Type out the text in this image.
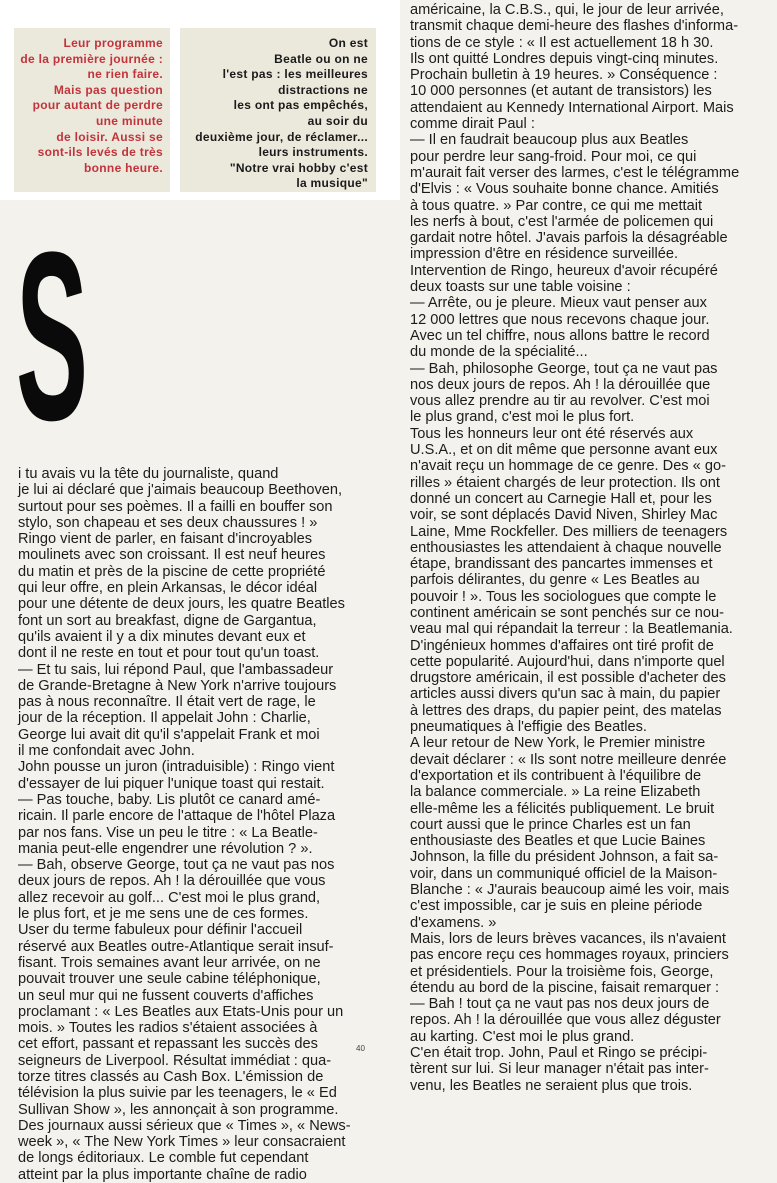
Leur programme
de la première journée :
ne rien faire.
Mais pas question
pour autant de perdre
une minute
de loisir. Aussi se
sont-ils levés de très
bonne heure.

On est
Beatle ou on ne
l'est pas : les meilleures
distractions ne
les ont pas empêchés,
au soir du
deuxième jour, de réclamer...
leurs instruments.
"Notre vrai hobby c'est
la musique"

S

i tu avais vu la tête du journaliste, quand
je lui ai déclaré que j'aimais beaucoup Beethoven,
surtout pour ses poèmes. Il a failli en bouffer son
stylo, son chapeau et ses deux chaussures ! »
Ringo vient de parler, en faisant d'incroyables
moulinets avec son croissant. Il est neuf heures
du matin et près de la piscine de cette propriété
qui leur offre, en plein Arkansas, le décor idéal
pour une détente de deux jours, les quatre Beatles
font un sort au breakfast, digne de Gargantua,
qu'ils avaient il y a dix minutes devant eux et
dont il ne reste en tout et pour tout qu'un toast.
— Et tu sais, lui répond Paul, que l'ambassadeur
de Grande-Bretagne à New York n'arrive toujours
pas à nous reconnaître. Il était vert de rage, le
jour de la réception. Il appelait John : Charlie,
George lui avait dit qu'il s'appelait Frank et moi
il me confondait avec John.
John pousse un juron (intraduisible) : Ringo vient
d'essayer de lui piquer l'unique toast qui restait.
— Pas touche, baby. Lis plutôt ce canard amé-
ricain. Il parle encore de l'attaque de l'hôtel Plaza
par nos fans. Vise un peu le titre : « La Beatle-
mania peut-elle engendrer une révolution ? ».
— Bah, observe George, tout ça ne vaut pas nos
deux jours de repos. Ah ! la dérouillée que vous
allez recevoir au golf... C'est moi le plus grand,
le plus fort, et je me sens une de ces formes.
User du terme fabuleux pour définir l'accueil
réservé aux Beatles outre-Atlantique serait insuf-
fisant. Trois semaines avant leur arrivée, on ne
pouvait trouver une seule cabine téléphonique,
un seul mur qui ne fussent couverts d'affiches
proclamant : « Les Beatles aux Etats-Unis pour un
mois. » Toutes les radios s'étaient associées à
cet effort, passant et repassant les succès des
seigneurs de Liverpool. Résultat immédiat : qua-
torze titres classés au Cash Box. L'émission de
télévision la plus suivie par les teenagers, le « Ed
Sullivan Show », les annonçait à son programme.
Des journaux aussi sérieux que « Times », « News-
week », « The New York Times » leur consacraient
de longs éditoriaux. Le comble fut cependant
atteint par la plus importante chaîne de radio

américaine, la C.B.S., qui, le jour de leur arrivée,
transmit chaque demi-heure des flashes d'informa-
tions de ce style : « Il est actuellement 18 h 30.
Ils ont quitté Londres depuis vingt-cinq minutes.
Prochain bulletin à 19 heures. » Conséquence :
10 000 personnes (et autant de transistors) les
attendaient au Kennedy International Airport. Mais
comme dirait Paul :
— Il en faudrait beaucoup plus aux Beatles
pour perdre leur sang-froid. Pour moi, ce qui
m'aurait fait verser des larmes, c'est le télégramme
d'Elvis : « Vous souhaite bonne chance. Amitiés
à tous quatre. » Par contre, ce qui me mettait
les nerfs à bout, c'est l'armée de policemen qui
gardait notre hôtel. J'avais parfois la désagréable
impression d'être en résidence surveillée.
Intervention de Ringo, heureux d'avoir récupéré
deux toasts sur une table voisine :
— Arrête, ou je pleure. Mieux vaut penser aux
12 000 lettres que nous recevons chaque jour.
Avec un tel chiffre, nous allons battre le record
du monde de la spécialité...
— Bah, philosophe George, tout ça ne vaut pas
nos deux jours de repos. Ah ! la dérouillée que
vous allez prendre au tir au revolver. C'est moi
le plus grand, c'est moi le plus fort.
Tous les honneurs leur ont été réservés aux
U.S.A., et on dit même que personne avant eux
n'avait reçu un hommage de ce genre. Des « go-
rilles » étaient chargés de leur protection. Ils ont
donné un concert au Carnegie Hall et, pour les
voir, se sont déplacés David Niven, Shirley Mac
Laine, Mme Rockfeller. Des milliers de teenagers
enthousiastes les attendaient à chaque nouvelle
étape, brandissant des pancartes immenses et
parfois délirantes, du genre « Les Beatles au
pouvoir ! ». Tous les sociologues que compte le
continent américain se sont penchés sur ce nou-
veau mal qui répandait la terreur : la Beatlemania.
D'ingénieux hommes d'affaires ont tiré profit de
cette popularité. Aujourd'hui, dans n'importe quel
drugstore américain, il est possible d'acheter des
articles aussi divers qu'un sac à main, du papier
à lettres des draps, du papier peint, des matelas
pneumatiques à l'effigie des Beatles.
A leur retour de New York, le Premier ministre
devait déclarer : « Ils sont notre meilleure denrée
d'exportation et ils contribuent à l'équilibre de
la balance commerciale. » La reine Elizabeth
elle-même les a félicités publiquement. Le bruit
court aussi que le prince Charles est un fan
enthousiaste des Beatles et que Lucie Baines
Johnson, la fille du président Johnson, a fait sa-
voir, dans un communiqué officiel de la Maison-
Blanche : « J'aurais beaucoup aimé les voir, mais
c'est impossible, car je suis en pleine période
d'examens. »
Mais, lors de leurs brèves vacances, ils n'avaient
pas encore reçu ces hommages royaux, princiers
et présidentiels. Pour la troisième fois, George,
étendu au bord de la piscine, faisait remarquer :
— Bah ! tout ça ne vaut pas nos deux jours de
repos. Ah ! la dérouillée que vous allez déguster
au karting. C'est moi le plus grand.
C'en était trop. John, Paul et Ringo se précipi-
tèrent sur lui. Si leur manager n'était pas inter-
venu, les Beatles ne seraient plus que trois.

40
